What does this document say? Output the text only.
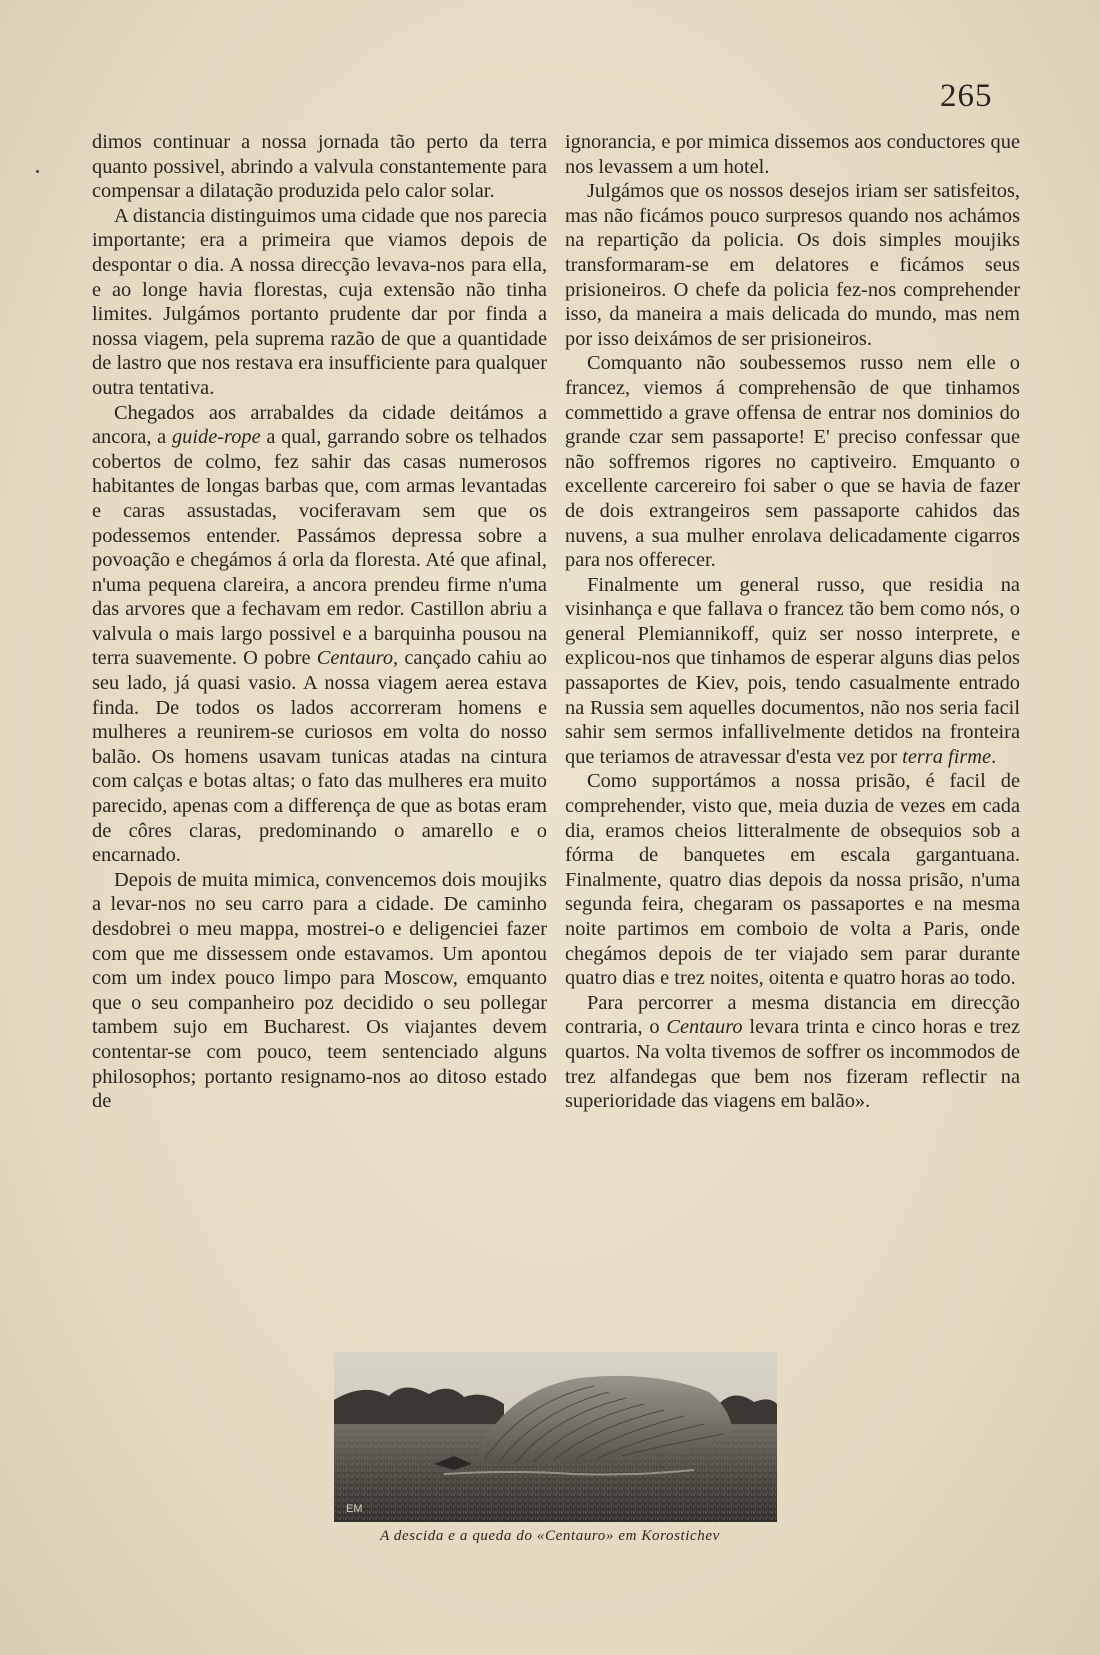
265

dimos continuar a nossa jornada tão perto da terra quanto possivel, abrindo a valvula constantemente para compensar a dilatação produzida pelo calor solar.

A distancia distinguimos uma cidade que nos parecia importante; era a primeira que viamos depois de despontar o dia. A nossa direcção levava-nos para ella, e ao longe havia florestas, cuja extensão não tinha limites. Julgámos portanto prudente dar por finda a nossa viagem, pela suprema razão de que a quantidade de lastro que nos restava era insufficiente para qualquer outra tentativa.

Chegados aos arrabaldes da cidade deitámos a ancora, a guide-rope a qual, garrando sobre os telhados cobertos de colmo, fez sahir das casas numerosos habitantes de longas barbas que, com armas levantadas e caras assustadas, vociferavam sem que os podessemos entender. Passámos depressa sobre a povoação e chegámos á orla da floresta. Até que afinal, n'uma pequena clareira, a ancora prendeu firme n'uma das arvores que a fechavam em redor. Castillon abriu a valvula o mais largo possivel e a barquinha pousou na terra suavemente. O pobre Centauro, cançado cahiu ao seu lado, já quasi vasio. A nossa viagem aerea estava finda. De todos os lados accorreram homens e mulheres a reunirem-se curiosos em volta do nosso balão. Os homens usavam tunicas atadas na cintura com calças e botas altas; o fato das mulheres era muito parecido, apenas com a differença de que as botas eram de côres claras, predominando o amarello e o encarnado.

Depois de muita mimica, convencemos dois moujiks a levar-nos no seu carro para a cidade. De caminho desdobrei o meu mappa, mostrei-o e deligenciei fazer com que me dissessem onde estavamos. Um apontou com um index pouco limpo para Moscow, emquanto que o seu companheiro poz decidido o seu pollegar tambem sujo em Bucharest. Os viajantes devem contentar-se com pouco, teem sentenciado alguns philosophos; portanto resignamo-nos ao ditoso estado de

ignorancia, e por mimica dissemos aos conductores que nos levassem a um hotel.

Julgámos que os nossos desejos iriam ser satisfeitos, mas não ficámos pouco surpresos quando nos achámos na repartição da policia. Os dois simples moujiks transformaram-se em delatores e ficámos seus prisioneiros. O chefe da policia fez-nos comprehender isso, da maneira a mais delicada do mundo, mas nem por isso deixámos de ser prisioneiros.

Comquanto não soubessemos russo nem elle o francez, viemos á comprehensão de que tinhamos commettido a grave offensa de entrar nos dominios do grande czar sem passaporte! E' preciso confessar que não soffremos rigores no captiveiro. Emquanto o excellente carcereiro foi saber o que se havia de fazer de dois extrangeiros sem passaporte cahidos das nuvens, a sua mulher enrolava delicadamente cigarros para nos offerecer.

Finalmente um general russo, que residia na visinhança e que fallava o francez tão bem como nós, o general Plemiannikoff, quiz ser nosso interprete, e explicou-nos que tinhamos de esperar alguns dias pelos passaportes de Kiev, pois, tendo casualmente entrado na Russia sem aquelles documentos, não nos seria facil sahir sem sermos infallivelmente detidos na fronteira que teriamos de atravessar d'esta vez por terra firme.

Como supportámos a nossa prisão, é facil de comprehender, visto que, meia duzia de vezes em cada dia, eramos cheios litteralmente de obsequios sob a fórma de banquetes em escala gargantuana. Finalmente, quatro dias depois da nossa prisão, n'uma segunda feira, chegaram os passaportes e na mesma noite partimos em comboio de volta a Paris, onde chegámos depois de ter viajado sem parar durante quatro dias e trez noites, oitenta e quatro horas ao todo.

Para percorrer a mesma distancia em direcção contraria, o Centauro levara trinta e cinco horas e trez quartos. Na volta tivemos de soffrer os incommodos de trez alfandegas que bem nos fizeram reflectir na superioridade das viagens em balão».

EM
A descida e a queda do «Centauro» em Korostichev
